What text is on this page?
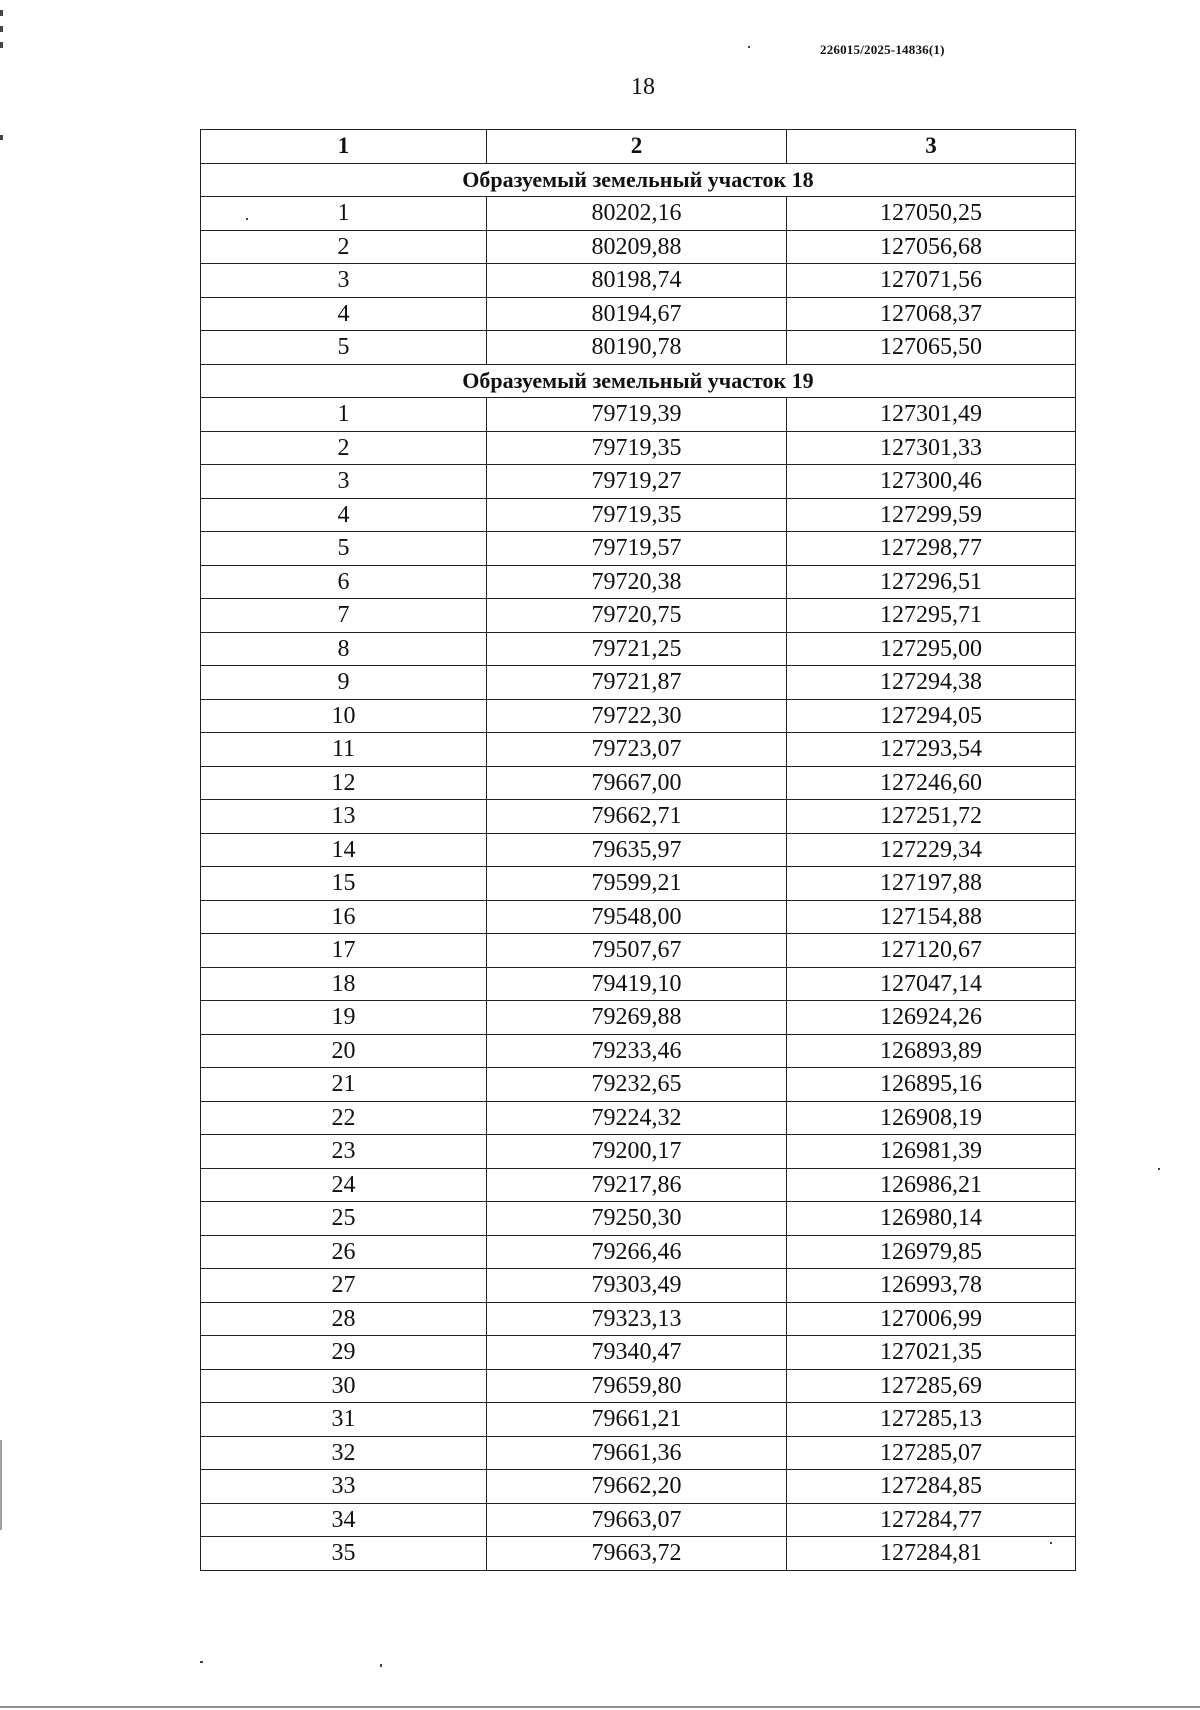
226015/2025-14836(1)
18
1	2	3
Образуемый земельный участок 18		
1	80202,16	127050,25
2	80209,88	127056,68
3	80198,74	127071,56
4	80194,67	127068,37
5	80190,78	127065,50
Образуемый земельный участок 19		
1	79719,39	127301,49
2	79719,35	127301,33
3	79719,27	127300,46
4	79719,35	127299,59
5	79719,57	127298,77
6	79720,38	127296,51
7	79720,75	127295,71
8	79721,25	127295,00
9	79721,87	127294,38
10	79722,30	127294,05
11	79723,07	127293,54
12	79667,00	127246,60
13	79662,71	127251,72
14	79635,97	127229,34
15	79599,21	127197,88
16	79548,00	127154,88
17	79507,67	127120,67
18	79419,10	127047,14
19	79269,88	126924,26
20	79233,46	126893,89
21	79232,65	126895,16
22	79224,32	126908,19
23	79200,17	126981,39
24	79217,86	126986,21
25	79250,30	126980,14
26	79266,46	126979,85
27	79303,49	126993,78
28	79323,13	127006,99
29	79340,47	127021,35
30	79659,80	127285,69
31	79661,21	127285,13
32	79661,36	127285,07
33	79662,20	127284,85
34	79663,07	127284,77
35	79663,72	127284,81
